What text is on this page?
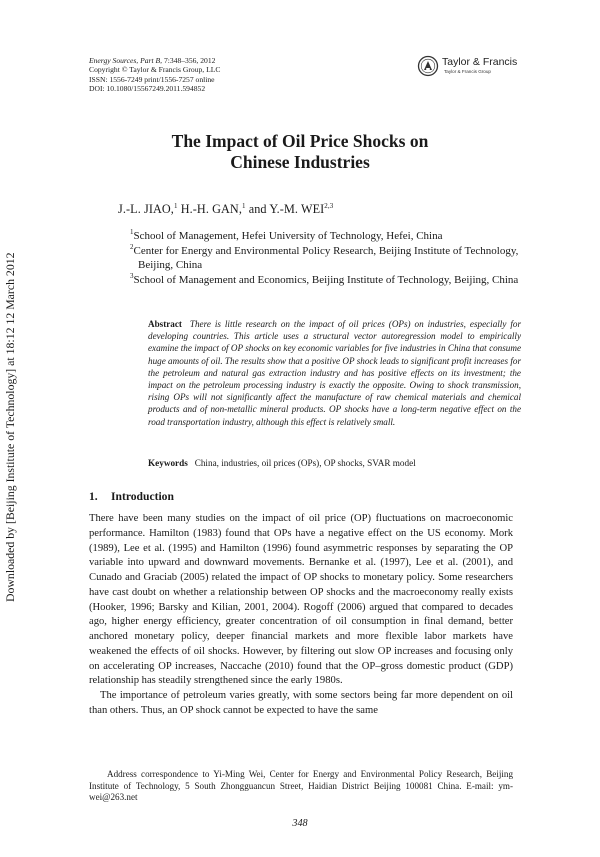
Energy Sources, Part B, 7:348–356, 2012
Copyright © Taylor & Francis Group, LLC
ISSN: 1556-7249 print/1556-7257 online
DOI: 10.1080/15567249.2011.594852
Taylor & Francis
Taylor & Francis Group
The Impact of Oil Price Shocks on
Chinese Industries
J.-L. JIAO,$^1$ H.-H. GAN,$^1$ and Y.-M. WEI$^{2,3}$
$^1$School of Management, Hefei University of Technology, Hefei, China
$^2$Center for Energy and Environmental Policy Research, Beijing Institute of Technology, Beijing, China
$^3$School of Management and Economics, Beijing Institute of Technology, Beijing, China
Downloaded by [Beijing Institute of Technology] at 18:12 12 March 2012	Abstract There is little research on the impact of oil prices (OPs) on industries, especially for developing countries. This article uses a structural vector autoregression model to empirically examine the impact of OP shocks on key economic variables for five industries in China that consume huge amounts of oil. The results show that a positive OP shock leads to significant profit increases for the petroleum and natural gas extraction industry and has positive effects on its investment; the impact on the petroleum processing industry is exactly the opposite. Owing to shock transmission, rising OPs will not significantly affect the manufacture of raw chemical materials and chemical products and of non-metallic mineral products. OP shocks have a long-term negative effect on the road transportation industry, although this effect is relatively small.
Keywords China, industries, oil prices (OPs), OP shocks, SVAR model
1. Introduction

There have been many studies on the impact of oil price (OP) fluctuations on macroeconomic performance. Hamilton (1983) found that OPs have a negative effect on the US economy. Mork (1989), Lee et al. (1995) and Hamilton (1996) found asymmetric responses by separating the OP variable into upward and downward movements. Bernanke et al. (1997), Lee et al. (2001), and Cunado and Graciab (2005) related the impact of OP shocks to monetary policy. Some researchers have cast doubt on whether a relationship between OP shocks and the macroeconomy really exists (Hooker, 1996; Barsky and Kilian, 2001, 2004). Rogoff (2006) argued that compared to decades ago, higher energy efficiency, greater concentration of oil consumption in final demand, better anchored monetary policy, deeper financial markets and more flexible labor markets have weakened the effects of oil shocks. However, by filtering out slow OP increases and focusing only on accelerating OP increases, Naccache (2010) found that the OP–gross domestic product (GDP) relationship has steadily strengthened since the early 1980s.

The importance of petroleum varies greatly, with some sectors being far more dependent on oil than others. Thus, an OP shock cannot be expected to have the same

Address correspondence to Yi-Ming Wei, Center for Energy and Environmental Policy Research, Beijing Institute of Technology, 5 South Zhongguancun Street, Haidian District Beijing 100081 China. E-mail: ym-wei@263.net

348
